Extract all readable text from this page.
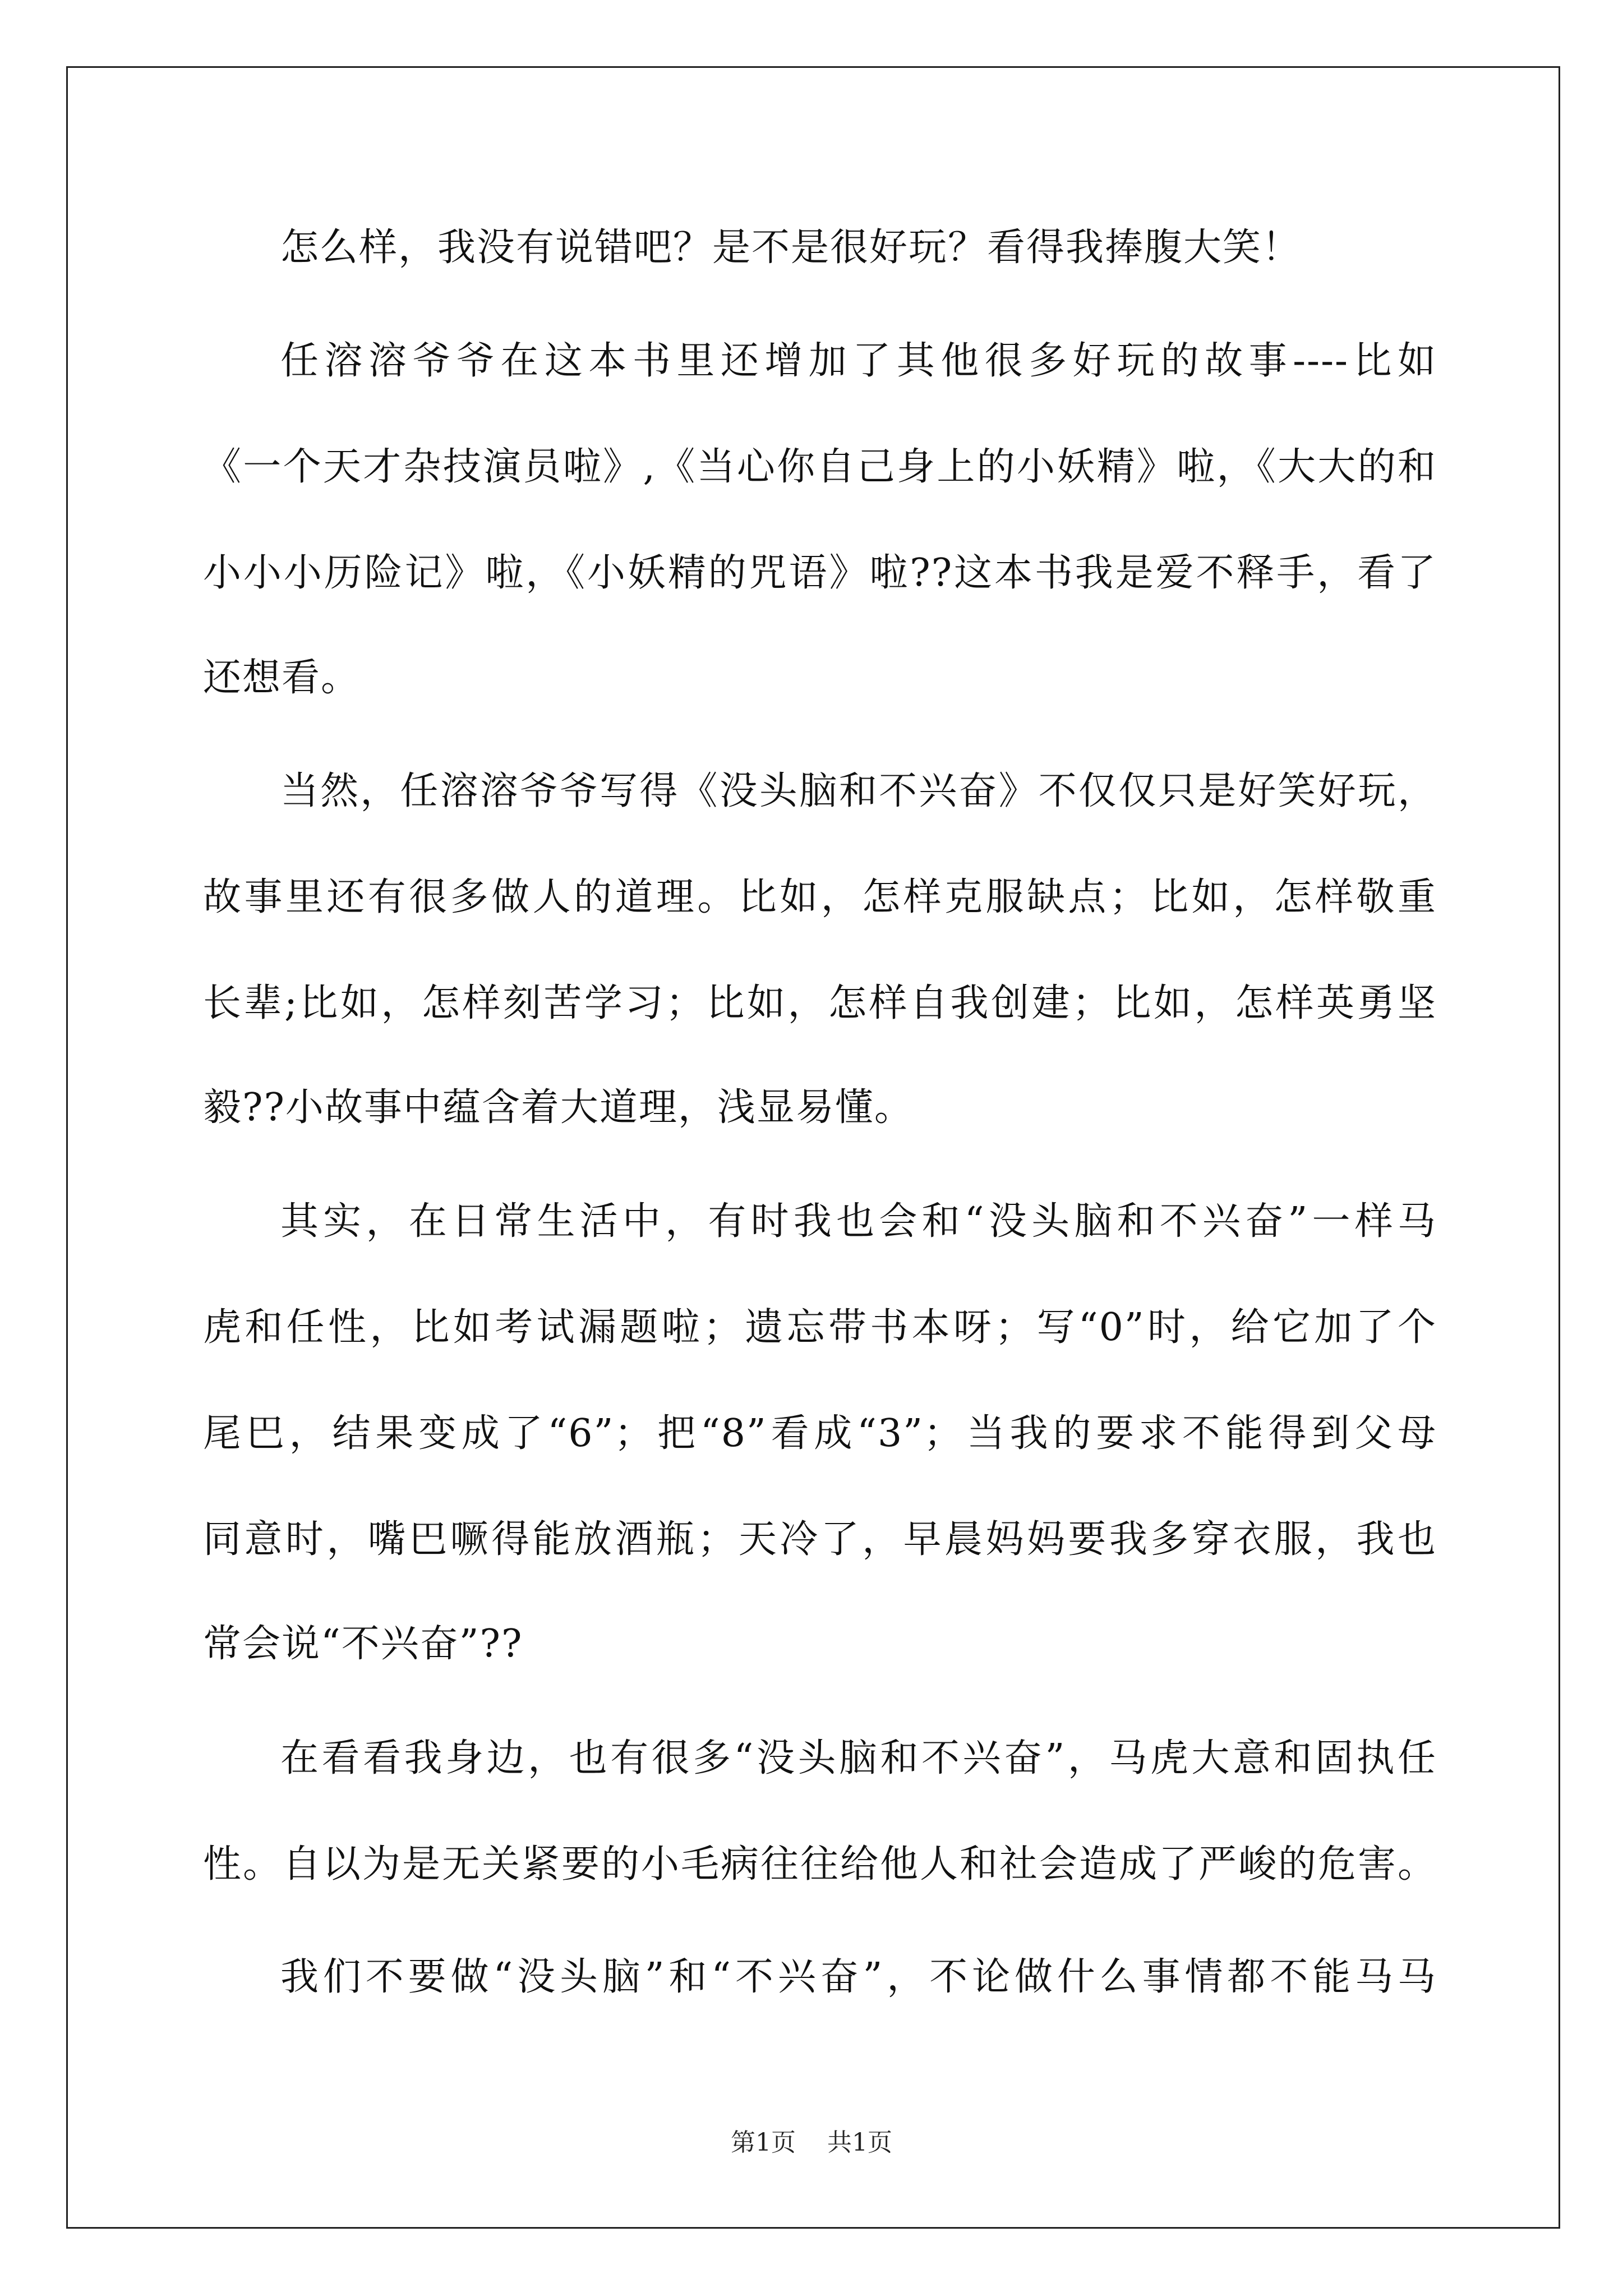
怎么样，我没有说错吧？是不是很好玩？看得我捧腹大笑！
任溶溶爷爷在这本书里还增加了其他很多好玩的故事----比如
《一个天才杂技演员啦》,《当心你自己身上的小妖精》啦，《大大的和
小小小历险记》啦，《小妖精的咒语》啦??这本书我是爱不释手，看了
还想看。
当然，任溶溶爷爷写得《没头脑和不兴奋》不仅仅只是好笑好玩，
故事里还有很多做人的道理。比如，怎样克服缺点；比如，怎样敬重
长辈;比如，怎样刻苦学习；比如，怎样自我创建；比如，怎样英勇坚
毅??小故事中蕴含着大道理，浅显易懂。
其实，在日常生活中，有时我也会和“没头脑和不兴奋”一样马
虎和任性，比如考试漏题啦；遗忘带书本呀；写“0”时，给它加了个
尾巴，结果变成了“6”；把“8”看成“3”；当我的要求不能得到父母
同意时，嘴巴噘得能放酒瓶；天冷了，早晨妈妈要我多穿衣服，我也
常会说“不兴奋”??
在看看我身边，也有很多“没头脑和不兴奋”，马虎大意和固执任
性。自以为是无关紧要的小毛病往往给他人和社会造成了严峻的危害。
我们不要做“没头脑”和“不兴奋”，不论做什么事情都不能马马
第1页 共1页
